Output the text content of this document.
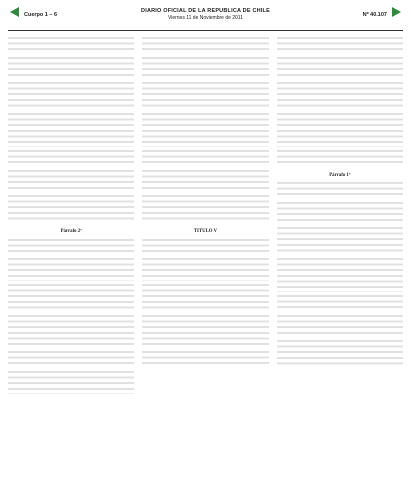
Cuerpo 1 – 6
DIARIO OFICIAL DE LA REPUBLICA DE CHILE
Viernes 11 de Noviembre de 2011	Nº 40.107

Párrafo 2º	TITULO V

Párrafo 1º
